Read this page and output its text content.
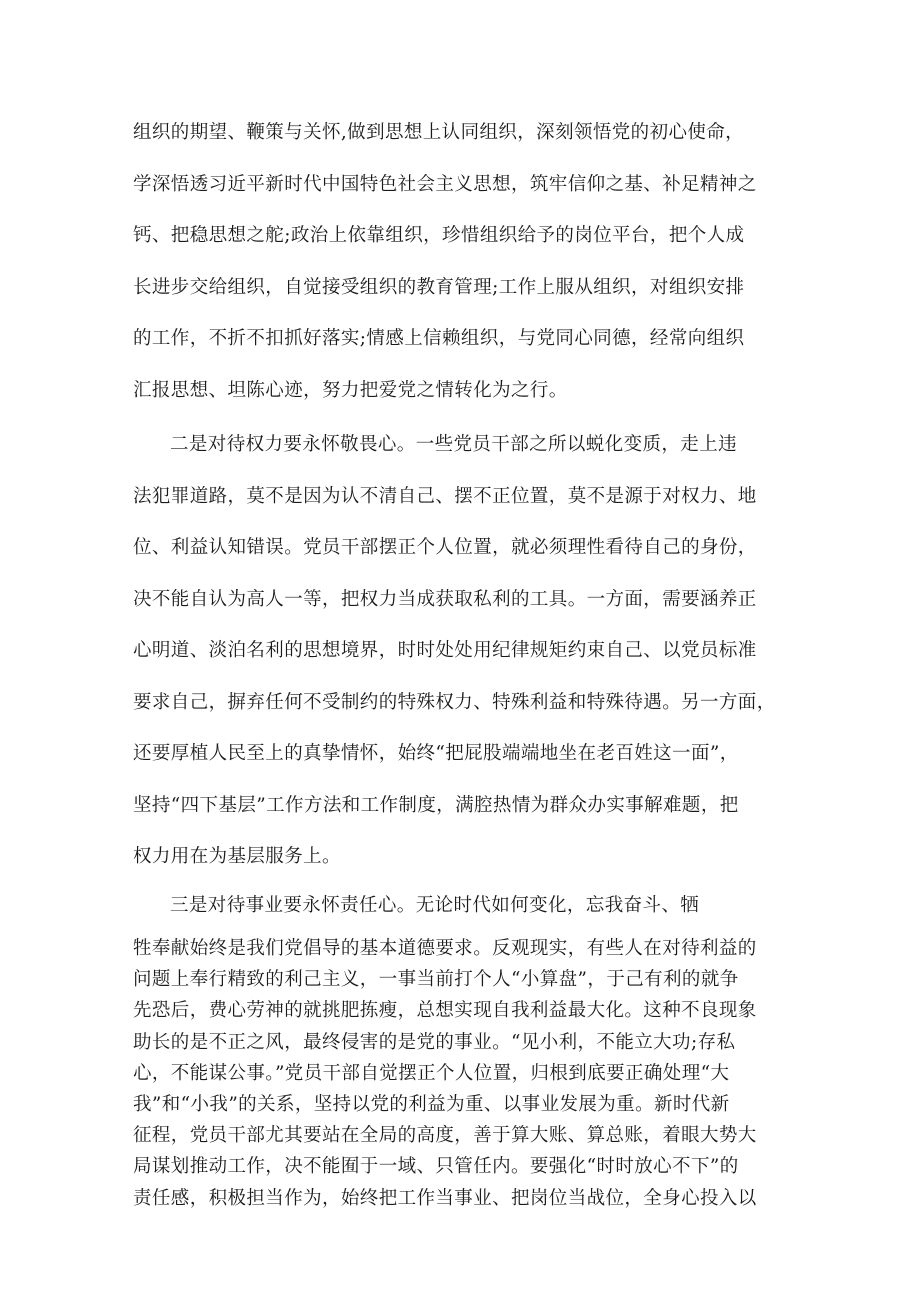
组织的期望、鞭策与关怀,做到思想上认同组织，深刻领悟党的初心使命，
学深悟透习近平新时代中国特色社会主义思想，筑牢信仰之基、补足精神之
钙、把稳思想之舵;政治上依靠组织，珍惜组织给予的岗位平台，把个人成
长进步交给组织，自觉接受组织的教育管理;工作上服从组织，对组织安排
的工作，不折不扣抓好落实;情感上信赖组织，与党同心同德，经常向组织
汇报思想、坦陈心迹，努力把爱党之情转化为之行。
二是对待权力要永怀敬畏心。一些党员干部之所以蜕化变质，走上违
法犯罪道路，莫不是因为认不清自己、摆不正位置，莫不是源于对权力、地
位、利益认知错误。党员干部摆正个人位置，就必须理性看待自己的身份，
决不能自认为高人一等，把权力当成获取私利的工具。一方面，需要涵养正
心明道、淡泊名利的思想境界，时时处处用纪律规矩约束自己、以党员标准
要求自己，摒弃任何不受制约的特殊权力、特殊利益和特殊待遇。另一方面，
还要厚植人民至上的真挚情怀，始终“把屁股端端地坐在老百姓这一面”，
坚持“四下基层”工作方法和工作制度，满腔热情为群众办实事解难题，把
权力用在为基层服务上。
三是对待事业要永怀责任心。无论时代如何变化，忘我奋斗、牺
牲奉献始终是我们党倡导的基本道德要求。反观现实，有些人在对待利益的
问题上奉行精致的利己主义，一事当前打个人“小算盘”，于己有利的就争
先恐后，费心劳神的就挑肥拣瘦，总想实现自我利益最大化。这种不良现象
助长的是不正之风，最终侵害的是党的事业。“见小利，不能立大功;存私
心，不能谋公事。”党员干部自觉摆正个人位置，归根到底要正确处理“大
我”和“小我”的关系，坚持以党的利益为重、以事业发展为重。新时代新
征程，党员干部尤其要站在全局的高度，善于算大账、算总账，着眼大势大
局谋划推动工作，决不能囿于一域、只管任内。要强化“时时放心不下”的
责任感，积极担当作为，始终把工作当事业、把岗位当战位，全身心投入以
